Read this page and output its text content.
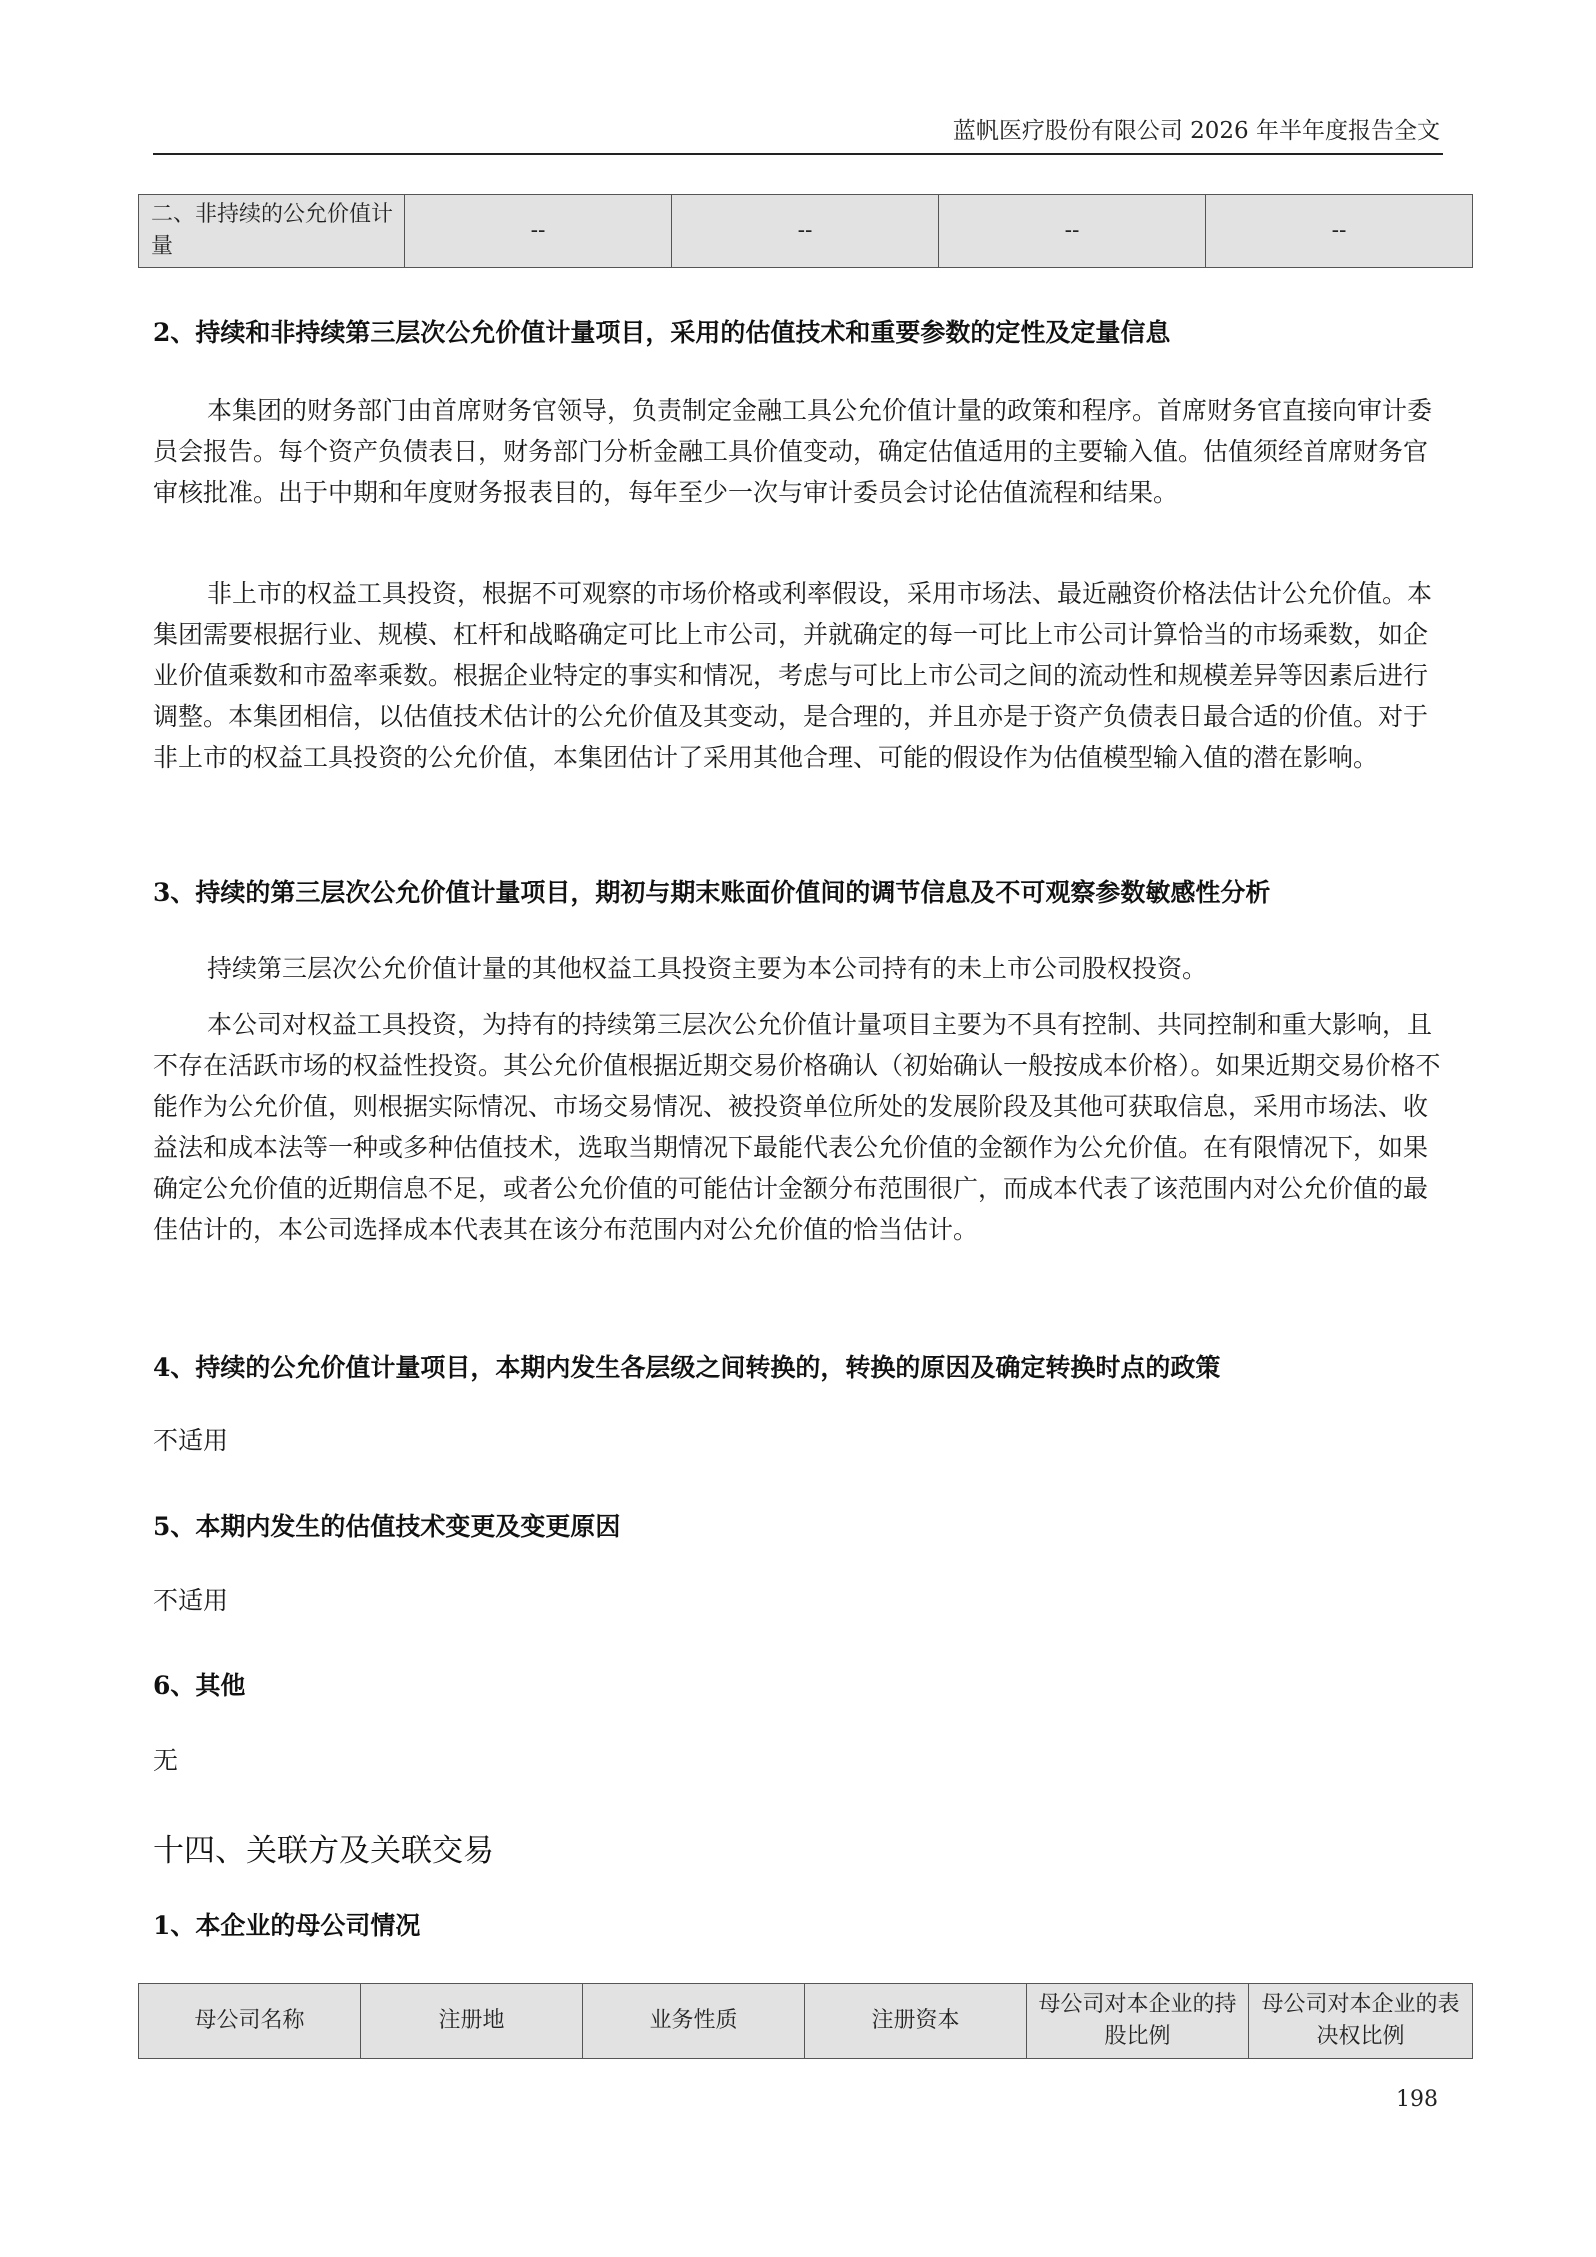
蓝帆医疗股份有限公司 2026 年半年度报告全文
二、非持续的公允价值计量	--	--	--	--
2、持续和非持续第三层次公允价值计量项目，采用的估值技术和重要参数的定性及定量信息

本集团的财务部门由首席财务官领导，负责制定金融工具公允价值计量的政策和程序。首席财务官直接向审计委员会报告。每个资产负债表日，财务部门分析金融工具价值变动，确定估值适用的主要输入值。估值须经首席财务官审核批准。出于中期和年度财务报表目的，每年至少一次与审计委员会讨论估值流程和结果。

非上市的权益工具投资，根据不可观察的市场价格或利率假设，采用市场法、最近融资价格法估计公允价值。本集团需要根据行业、规模、杠杆和战略确定可比上市公司，并就确定的每一可比上市公司计算恰当的市场乘数，如企业价值乘数和市盈率乘数。根据企业特定的事实和情况，考虑与可比上市公司之间的流动性和规模差异等因素后进行调整。本集团相信，以估值技术估计的公允价值及其变动，是合理的，并且亦是于资产负债表日最合适的价值。对于非上市的权益工具投资的公允价值，本集团估计了采用其他合理、可能的假设作为估值模型输入值的潜在影响。

3、持续的第三层次公允价值计量项目，期初与期末账面价值间的调节信息及不可观察参数敏感性分析

持续第三层次公允价值计量的其他权益工具投资主要为本公司持有的未上市公司股权投资。

本公司对权益工具投资，为持有的持续第三层次公允价值计量项目主要为不具有控制、共同控制和重大影响，且不存在活跃市场的权益性投资。其公允价值根据近期交易价格确认（初始确认一般按成本价格）。如果近期交易价格不能作为公允价值，则根据实际情况、市场交易情况、被投资单位所处的发展阶段及其他可获取信息，采用市场法、收益法和成本法等一种或多种估值技术，选取当期情况下最能代表公允价值的金额作为公允价值。在有限情况下，如果确定公允价值的近期信息不足，或者公允价值的可能估计金额分布范围很广，而成本代表了该范围内对公允价值的最佳估计的，本公司选择成本代表其在该分布范围内对公允价值的恰当估计。

4、持续的公允价值计量项目，本期内发生各层级之间转换的，转换的原因及确定转换时点的政策

不适用

5、本期内发生的估值技术变更及变更原因

不适用

6、其他

无

十四、关联方及关联交易
1、本企业的母公司情况
母公司名称	注册地	业务性质	注册资本	母公司对本企业的持股比例	母公司对本企业的表决权比例
198
